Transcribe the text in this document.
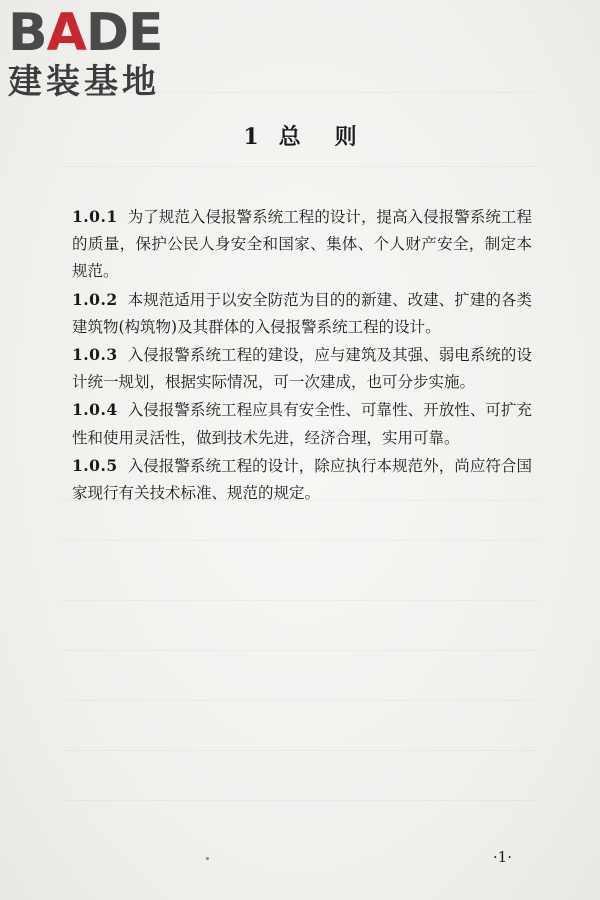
BADE
建装基地
1 总则

1.0.1 为了规范入侵报警系统工程的设计，提高入侵报警系统工程的质量，保护公民人身安全和国家、集体、个人财产安全，制定本规范。

1.0.2 本规范适用于以安全防范为目的的新建、改建、扩建的各类建筑物(构筑物)及其群体的入侵报警系统工程的设计。

1.0.3 入侵报警系统工程的建设，应与建筑及其强、弱电系统的设计统一规划，根据实际情况，可一次建成，也可分步实施。

1.0.4 入侵报警系统工程应具有安全性、可靠性、开放性、可扩充性和使用灵活性，做到技术先进，经济合理，实用可靠。

1.0.5 入侵报警系统工程的设计，除应执行本规范外，尚应符合国家现行有关技术标准、规范的规定。

·1·
